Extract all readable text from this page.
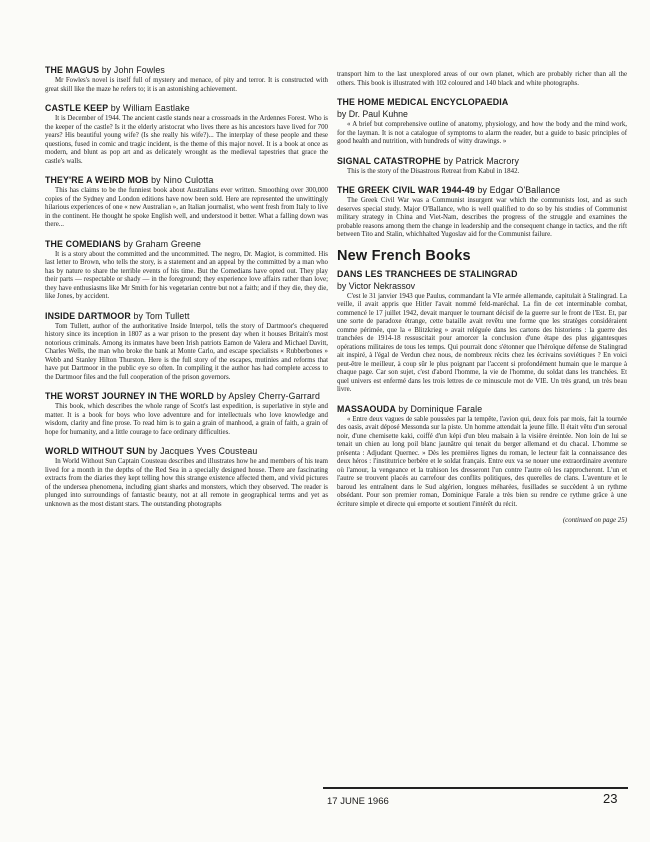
THE MAGUS by John Fowles

Mr Fowles's novel is itself full of mystery and menace, of pity and terror. It is constructed with great skill like the maze he refers to; it is an astonishing achievement.

CASTLE KEEP by William Eastlake

It is December of 1944. The ancient castle stands near a crossroads in the Ardennes Forest. Who is the keeper of the castle? Is it the elderly aristocrat who lives there as his ancestors have lived for 700 years? His beautiful young wife? (Is she really his wife?)... The interplay of these people and these questions, fused in comic and tragic incident, is the theme of this major novel. It is a book at once as modern, and blunt as pop art and as delicately wrought as the medieval tapestries that grace the castle's walls.

THEY'RE A WEIRD MOB by Nino Culotta

This has claims to be the funniest book about Australians ever written. Smoothing over 300,000 copies of the Sydney and London editions have now been sold. Here are represented the unwittingly hilarious experiences of one « new Australian », an Italian journalist, who went fresh from Italy to live in the continent. He thought he spoke English well, and understood it better. What a falling down was there...

THE COMEDIANS by Graham Greene

It is a story about the committed and the uncommitted. The negro, Dr. Magiot, is committed. His last letter to Brown, who tells the story, is a statement and an appeal by the committed by a man who has by nature to share the terrible events of his time. But the Comedians have opted out. They play their parts — respectable or shady — in the foreground; they experience love affairs rather than love; they have enthusiasms like Mr Smith for his vegetarian centre but not a faith; and if they die, they die, like Jones, by accident.

INSIDE DARTMOOR by Tom Tullett

Tom Tullett, author of the authoritative Inside Interpol, tells the story of Dartmoor's chequered history since its inception in 1807 as a war prison to the present day when it houses Britain's most notorious criminals. Among its inmates have been Irish patriots Eamon de Valera and Michael Davitt, Charles Wells, the man who broke the bank at Monte Carlo, and escape specialists « Rubberbones » Webb and Stanley Hilton Thurston. Here is the full story of the escapes, mutinies and reforms that have put Dartmoor in the public eye so often. In compiling it the author has had complete access to the Dartmoor files and the full cooperation of the prison governors.

THE WORST JOURNEY IN THE WORLD by Apsley Cherry-Garrard

This book, which describes the whole range of Scott's last expedition, is superlative in style and matter. It is a book for boys who love adventure and for intellectuals who love knowledge and wisdom, clarity and fine prose. To read him is to gain a grain of manhood, a grain of faith, a grain of hope for humanity, and a little courage to face ordinary difficulties.

WORLD WITHOUT SUN by Jacques Yves Cousteau

In World Without Sun Captain Cousteau describes and illustrates how he and members of his team lived for a month in the depths of the Red Sea in a specially designed house. There are fascinating extracts from the diaries they kept telling how this strange existence affected them, and vivid pictures of the undersea phenomena, including giant sharks and monsters, which they observed. The reader is plunged into surroundings of fantastic beauty, not at all remote in geographical terms and yet as unknown as the most distant stars. The outstanding photographs

transport him to the last unexplored areas of our own planet, which are probably richer than all the others. This book is illustrated with 102 coloured and 140 black and white photographs.

THE HOME MEDICAL ENCYCLOPAEDIA

by Dr. Paul Kuhne

« A brief but comprehensive outline of anatomy, physiology, and how the body and the mind work, for the layman. It is not a catalogue of symptoms to alarm the reader, but a guide to basic principles of good health and nutrition, with hundreds of witty drawings. »

SIGNAL CATASTROPHE by Patrick Macrory

This is the story of the Disastrous Retreat from Kabul in 1842.

THE GREEK CIVIL WAR 1944-49 by Edgar O'Ballance

The Greek Civil War was a Communist insurgent war which the communists lost, and as such deserves special study. Major O'Ballance, who is well qualified to do so by his studies of Communist military strategy in China and Viet-Nam, describes the progress of the struggle and examines the probable reasons among them the change in leadership and the consequent change in tactics, and the rift between Tito and Stalin, whichhalted Yugoslav aid for the Communist failure.

New French Books

DANS LES TRANCHEES DE STALINGRAD

by Victor Nekrassov

C'est le 31 janvier 1943 que Paulus, commandant la VIe armée allemande, capitulait à Stalingrad. La veille, il avait appris que Hitler l'avait nommé feld-maréchal. La fin de cet interminable combat, commencé le 17 juillet 1942, devait marquer le tournant décisif de la guerre sur le front de l'Est. Et, par une sorte de paradoxe étrange, cette bataille avait revêtu une forme que les stratèges considéraient comme périmée, que la « Blitzkrieg » avait reléguée dans les cartons des historiens : la guerre des tranchées de 1914-18 ressuscitait pour amorcer la conclusion d'une étape des plus gigantesques opérations militaires de tous les temps. Qui pourrait donc s'étonner que l'héroïque défense de Stalingrad ait inspiré, à l'égal de Verdun chez nous, de nombreux récits chez les écrivains soviétiques ? En voici peut-être le meilleur, à coup sûr le plus poignant par l'accent si profondément humain que le marque à chaque page. Car son sujet, c'est d'abord l'homme, la vie de l'homme, du soldat dans les tranchées. Et quel univers est enfermé dans les trois lettres de ce minuscule mot de VIE. Un très grand, un très beau livre.

MASSAOUDA by Dominique Farale

« Entre deux vagues de sable poussées par la tempête, l'avion qui, deux fois par mois, fait la tournée des oasis, avait déposé Messonda sur la piste. Un homme attendait la jeune fille. Il était vêtu d'un seroual noir, d'une chemisette kaki, coiffé d'un képi d'un bleu malsain à la visière éreintée. Non loin de lui se tenait un chien au long poil blanc jaunâtre qui tenait du berger allemand et du chacal. L'homme se présenta : Adjudant Quernec. » Dès les premières lignes du roman, le lecteur fait la connaissance des deux héros : l'institutrice berbère et le soldat français. Entre eux va se nouer une extraordinaire aventure où l'amour, la vengeance et la trahison les dresseront l'un contre l'autre où les rapprocheront. L'un et l'autre se trouvent placés au carrefour des conflits politiques, des querelles de clans. L'aventure et le baroud les entraînent dans le Sud algérien, longues méharées, fusillades se succèdent à un rythme obsédant. Pour son premier roman, Dominique Farale a très bien su rendre ce rythme grâce à une écriture simple et directe qui emporte et soutient l'intérêt du récit.

(continued on page 25)
17 JUNE 1966	23
